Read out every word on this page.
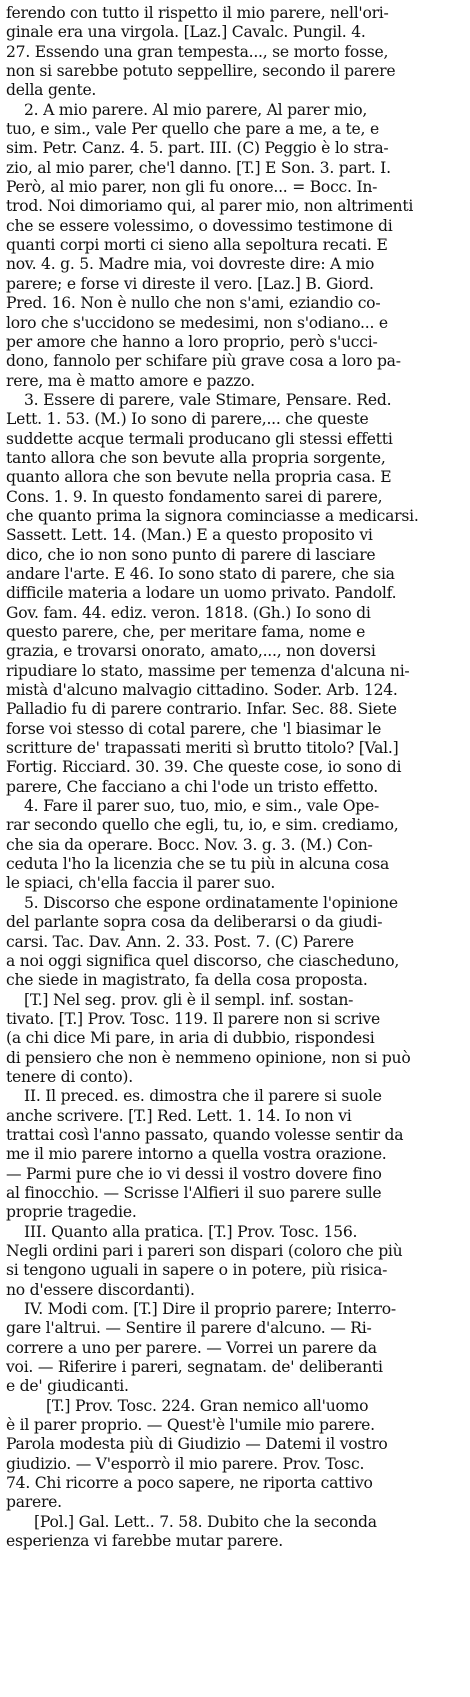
ferendo con tutto il rispetto il mio parere, nell'ori-
ginale era una virgola. [Laz.] Cavalc. Pungil. 4.
27. Essendo una gran tempesta..., se morto fosse,
non si sarebbe potuto seppellire, secondo il parere
della gente.
2. A mio parere. Al mio parere, Al parer mio,
tuo, e sim., vale Per quello che pare a me, a te, e
sim. Petr. Canz. 4. 5. part. III. (C) Peggio è lo stra-
zio, al mio parer, che'l danno. [T.] E Son. 3. part. I.
Però, al mio parer, non gli fu onore... = Bocc. In-
trod. Noi dimoriamo qui, al parer mio, non altrimenti
che se essere volessimo, o dovessimo testimone di
quanti corpi morti ci sieno alla sepoltura recati. E
nov. 4. g. 5. Madre mia, voi dovreste dire: A mio
parere; e forse vi direste il vero. [Laz.] B. Giord.
Pred. 16. Non è nullo che non s'ami, eziandio co-
loro che s'uccidono se medesimi, non s'odiano... e
per amore che hanno a loro proprio, però s'ucci-
dono, fannolo per schifare più grave cosa a loro pa-
rere, ma è matto amore e pazzo.
3. Essere di parere, vale Stimare, Pensare. Red.
Lett. 1. 53. (M.) Io sono di parere,... che queste
suddette acque termali producano gli stessi effetti
tanto allora che son bevute alla propria sorgente,
quanto allora che son bevute nella propria casa. E
Cons. 1. 9. In questo fondamento sarei di parere,
che quanto prima la signora cominciasse a medicarsi.
Sassett. Lett. 14. (Man.) E a questo proposito vi
dico, che io non sono punto di parere di lasciare
andare l'arte. E 46. Io sono stato di parere, che sia
difficile materia a lodare un uomo privato. Pandolf.
Gov. fam. 44. ediz. veron. 1818. (Gh.) Io sono di
questo parere, che, per meritare fama, nome e
grazia, e trovarsi onorato, amato,..., non doversi
ripudiare lo stato, massime per temenza d'alcuna ni-
mistà d'alcuno malvagio cittadino. Soder. Arb. 124.
Palladio fu di parere contrario. Infar. Sec. 88. Siete
forse voi stesso di cotal parere, che 'l biasimar le
scritture de' trapassati meriti sì brutto titolo? [Val.]
Fortig. Ricciard. 30. 39. Che queste cose, io sono di
parere, Che facciano a chi l'ode un tristo effetto.
4. Fare il parer suo, tuo, mio, e sim., vale Ope-
rar secondo quello che egli, tu, io, e sim. crediamo,
che sia da operare. Bocc. Nov. 3. g. 3. (M.) Con-
ceduta l'ho la licenzia che se tu più in alcuna cosa
le spiaci, ch'ella faccia il parer suo.
5. Discorso che espone ordinatamente l'opinione
del parlante sopra cosa da deliberarsi o da giudi-
carsi. Tac. Dav. Ann. 2. 33. Post. 7. (C) Parere
a noi oggi significa quel discorso, che ciascheduno,
che siede in magistrato, fa della cosa proposta.
[T.] Nel seg. prov. gli è il sempl. inf. sostan-
tivato. [T.] Prov. Tosc. 119. Il parere non si scrive
(a chi dice Mi pare, in aria di dubbio, rispondesi
di pensiero che non è nemmeno opinione, non si può
tenere di conto).
II. Il preced. es. dimostra che il parere si suole
anche scrivere. [T.] Red. Lett. 1. 14. Io non vi
trattai così l'anno passato, quando volesse sentir da
me il mio parere intorno a quella vostra orazione.
— Parmi pure che io vi dessi il vostro dovere fino
al finocchio. — Scrisse l'Alfieri il suo parere sulle
proprie tragedie.
III. Quanto alla pratica. [T.] Prov. Tosc. 156.
Negli ordini pari i pareri son dispari (coloro che più
si tengono uguali in sapere o in potere, più risica-
no d'essere discordanti).
IV. Modi com. [T.] Dire il proprio parere; Interro-
gare l'altrui. — Sentire il parere d'alcuno. — Ri-
correre a uno per parere. — Vorrei un parere da
voi. — Riferire i pareri, segnatam. de' deliberanti
e de' giudicanti.
[T.] Prov. Tosc. 224. Gran nemico all'uomo
è il parer proprio. — Quest'è l'umile mio parere.
Parola modesta più di Giudizio — Datemi il vostro
giudizio. — V'esporrò il mio parere. Prov. Tosc.
74. Chi ricorre a poco sapere, ne riporta cattivo
parere.
[Pol.] Gal. Lett.. 7. 58. Dubito che la seconda
esperienza vi farebbe mutar parere.
